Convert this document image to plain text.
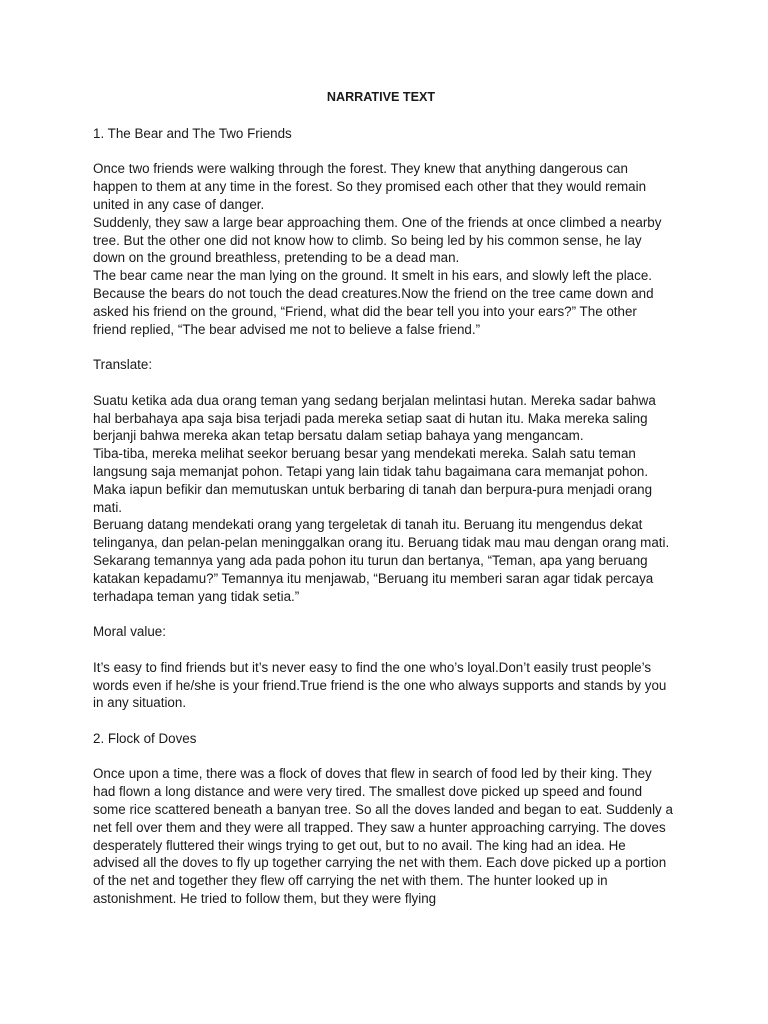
NARRATIVE TEXT
1. The Bear and The Two Friends

Once two friends were walking through the forest. They knew that anything dangerous can happen to them at any time in the forest. So they promised each other that they would remain united in any case of danger.

Suddenly, they saw a large bear approaching them. One of the friends at once climbed a nearby tree. But the other one did not know how to climb. So being led by his common sense, he lay down on the ground breathless, pretending to be a dead man.

The bear came near the man lying on the ground. It smelt in his ears, and slowly left the place. Because the bears do not touch the dead creatures.Now the friend on the tree came down and asked his friend on the ground, “Friend, what did the bear tell you into your ears?” The other friend replied, “The bear advised me not to believe a false friend.”

Translate:

Suatu ketika ada dua orang teman yang sedang berjalan melintasi hutan. Mereka sadar bahwa hal berbahaya apa saja bisa terjadi pada mereka setiap saat di hutan itu. Maka mereka saling berjanji bahwa mereka akan tetap bersatu dalam setiap bahaya yang mengancam.

Tiba-tiba, mereka melihat seekor beruang besar yang mendekati mereka. Salah satu teman langsung saja memanjat pohon. Tetapi yang lain tidak tahu bagaimana cara memanjat pohon. Maka iapun befikir dan memutuskan untuk berbaring di tanah dan berpura-pura menjadi orang mati.

Beruang datang mendekati orang yang tergeletak di tanah itu. Beruang itu mengendus dekat telinganya, dan pelan-pelan meninggalkan orang itu. Beruang tidak mau mau dengan orang mati. Sekarang temannya yang ada pada pohon itu turun dan bertanya, “Teman, apa yang beruang katakan kepadamu?” Temannya itu menjawab, “Beruang itu memberi saran agar tidak percaya terhadapa teman yang tidak setia.”

Moral value:

It’s easy to find friends but it’s never easy to find the one who’s loyal.Don’t easily trust people’s words even if he/she is your friend.True friend is the one who always supports and stands by you in any situation.

2. Flock of Doves

Once upon a time, there was a flock of doves that flew in search of food led by their king. They had flown a long distance and were very tired. The smallest dove picked up speed and found some rice scattered beneath a banyan tree. So all the doves landed and began to eat. Suddenly a net fell over them and they were all trapped. They saw a hunter approaching carrying. The doves desperately fluttered their wings trying to get out, but to no avail. The king had an idea. He advised all the doves to fly up together carrying the net with them. Each dove picked up a portion of the net and together they flew off carrying the net with them. The hunter looked up in astonishment. He tried to follow them, but they were flying
